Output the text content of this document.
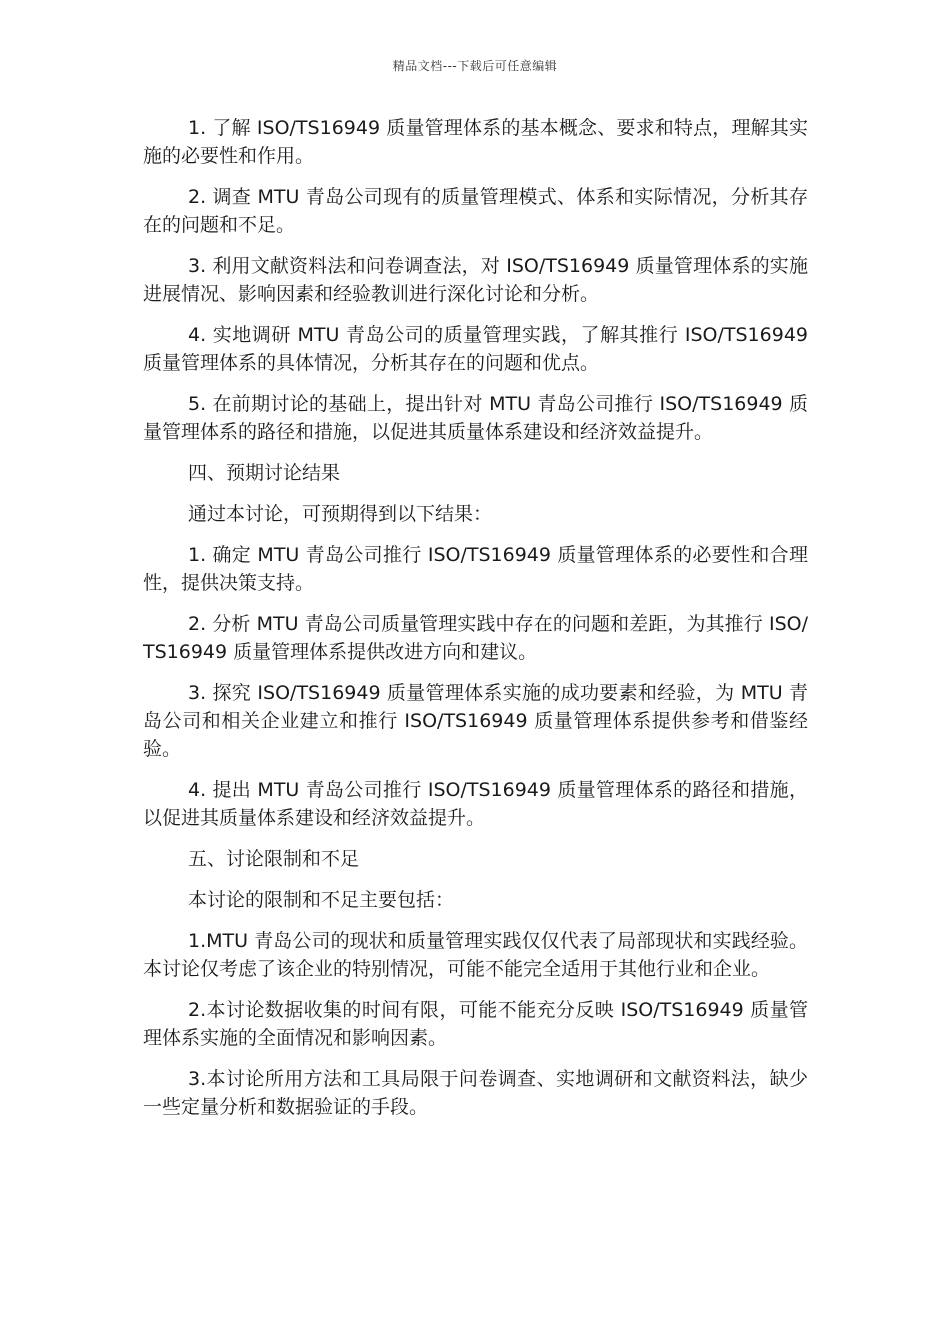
精品文档---下载后可任意编辑

1. 了解 ISO/TS16949 质量管理体系的基本概念、要求和特点，理解其实施的必要性和作用。

2. 调查 MTU 青岛公司现有的质量管理模式、体系和实际情况，分析其存在的问题和不足。

3. 利用文献资料法和问卷调查法，对 ISO/TS16949 质量管理体系的实施进展情况、影响因素和经验教训进行深化讨论和分析。

4. 实地调研 MTU 青岛公司的质量管理实践，了解其推行 ISO/TS16949 质量管理体系的具体情况，分析其存在的问题和优点。

5. 在前期讨论的基础上，提出针对 MTU 青岛公司推行 ISO/TS16949 质量管理体系的路径和措施，以促进其质量体系建设和经济效益提升。

四、预期讨论结果

通过本讨论，可预期得到以下结果：

1. 确定 MTU 青岛公司推行 ISO/TS16949 质量管理体系的必要性和合理性，提供决策支持。

2. 分析 MTU 青岛公司质量管理实践中存在的问题和差距，为其推行 ISO/TS16949 质量管理体系提供改进方向和建议。

3. 探究 ISO/TS16949 质量管理体系实施的成功要素和经验，为 MTU 青岛公司和相关企业建立和推行 ISO/TS16949 质量管理体系提供参考和借鉴经验。

4. 提出 MTU 青岛公司推行 ISO/TS16949 质量管理体系的路径和措施，以促进其质量体系建设和经济效益提升。

五、讨论限制和不足

本讨论的限制和不足主要包括：

1.MTU 青岛公司的现状和质量管理实践仅仅代表了局部现状和实践经验。本讨论仅考虑了该企业的特别情况，可能不能完全适用于其他行业和企业。

2.本讨论数据收集的时间有限，可能不能充分反映 ISO/TS16949 质量管理体系实施的全面情况和影响因素。

3.本讨论所用方法和工具局限于问卷调查、实地调研和文献资料法，缺少一些定量分析和数据验证的手段。
